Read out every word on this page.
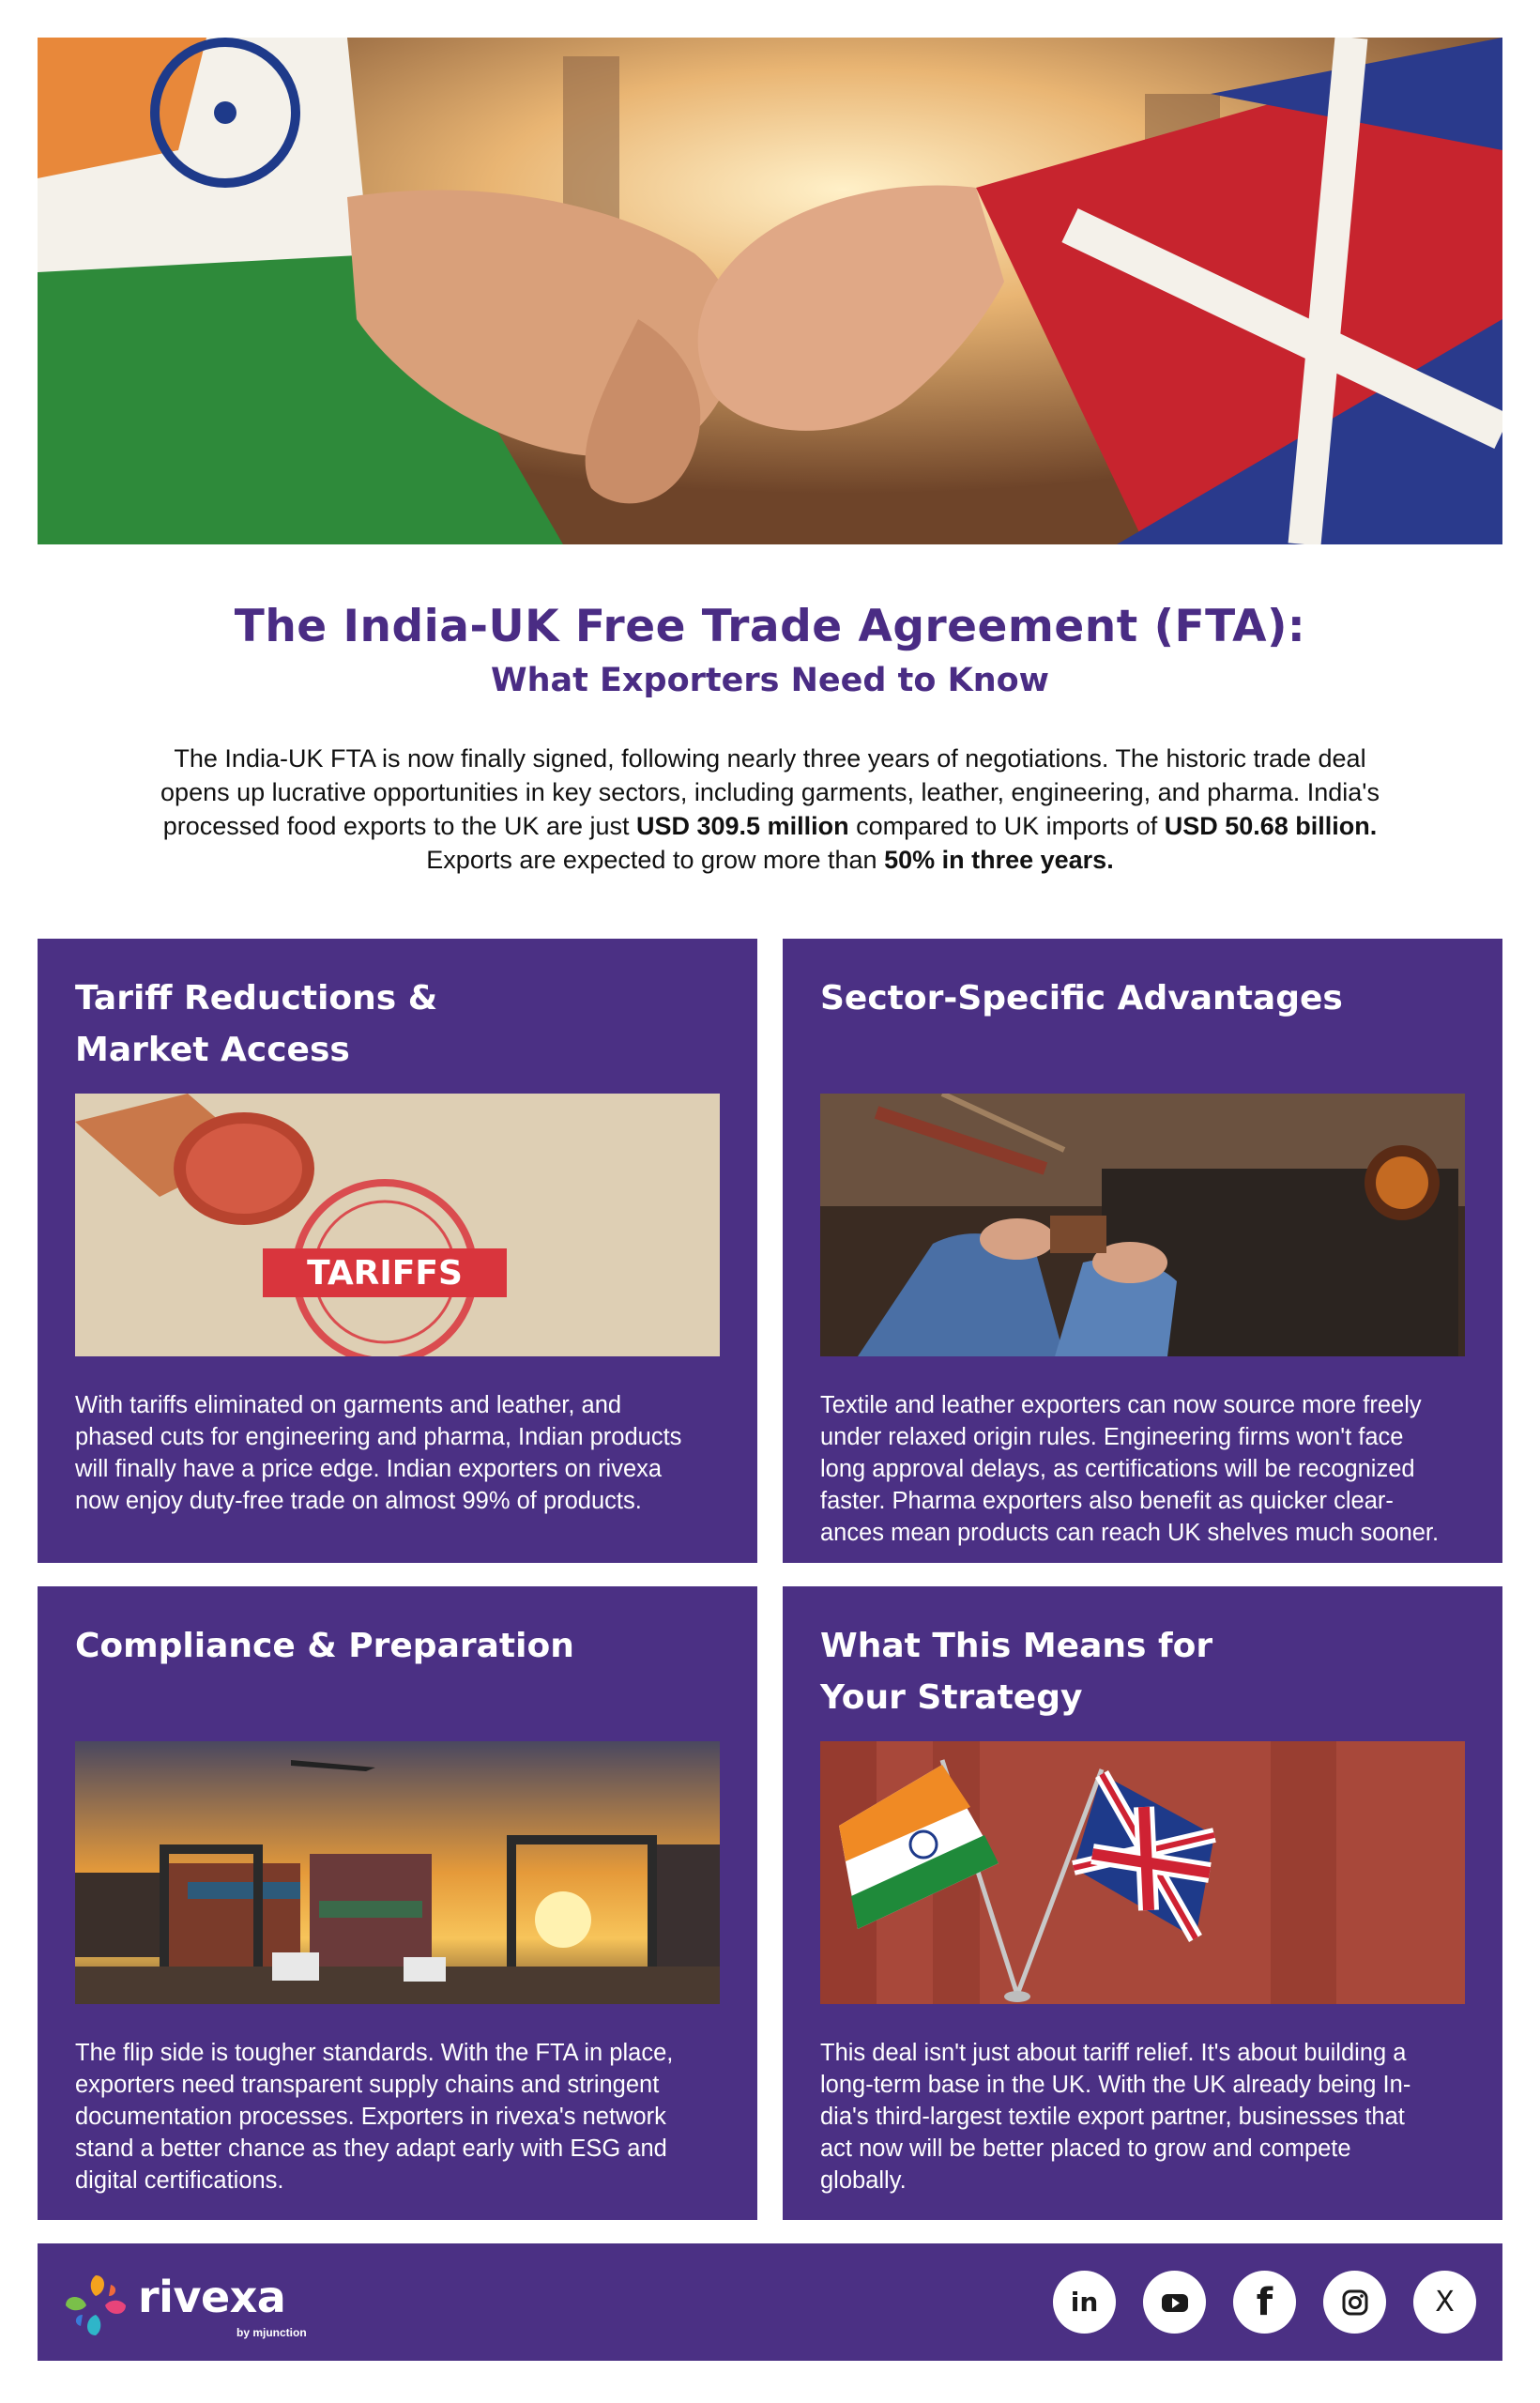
The India-UK Free Trade Agreement (FTA):
What Exporters Need to Know
The India-UK FTA is now finally signed, following nearly three years of negotiations. The historic trade deal
opens up lucrative opportunities in key sectors, including garments, leather, engineering, and pharma. India's
processed food exports to the UK are just USD 309.5 million compared to UK imports of USD 50.68 billion.
Exports are expected to grow more than 50% in three years.
Tariff Reductions &
Market Access
TARIFFS
With tariffs eliminated on garments and leather, and
phased cuts for engineering and pharma, Indian products
will finally have a price edge. Indian exporters on rivexa
now enjoy duty-free trade on almost 99% of products.
Sector-Specific Advantages
Textile and leather exporters can now source more freely
under relaxed origin rules. Engineering firms won't face
long approval delays, as certifications will be recognized
faster. Pharma exporters also benefit as quicker clear-
ances mean products can reach UK shelves much sooner.
Compliance & Preparation
The flip side is tougher standards. With the FTA in place,
exporters need transparent supply chains and stringent
documentation processes. Exporters in rivexa's network
stand a better chance as they adapt early with ESG and
digital certifications.
What This Means for
Your Strategy
This deal isn't just about tariff relief. It's about building a
long-term base in the UK. With the UK already being In-
dia's third-largest textile export partner, businesses that
act now will be better placed to grow and compete
globally.
rivexa
by mjunction
in	f	X
